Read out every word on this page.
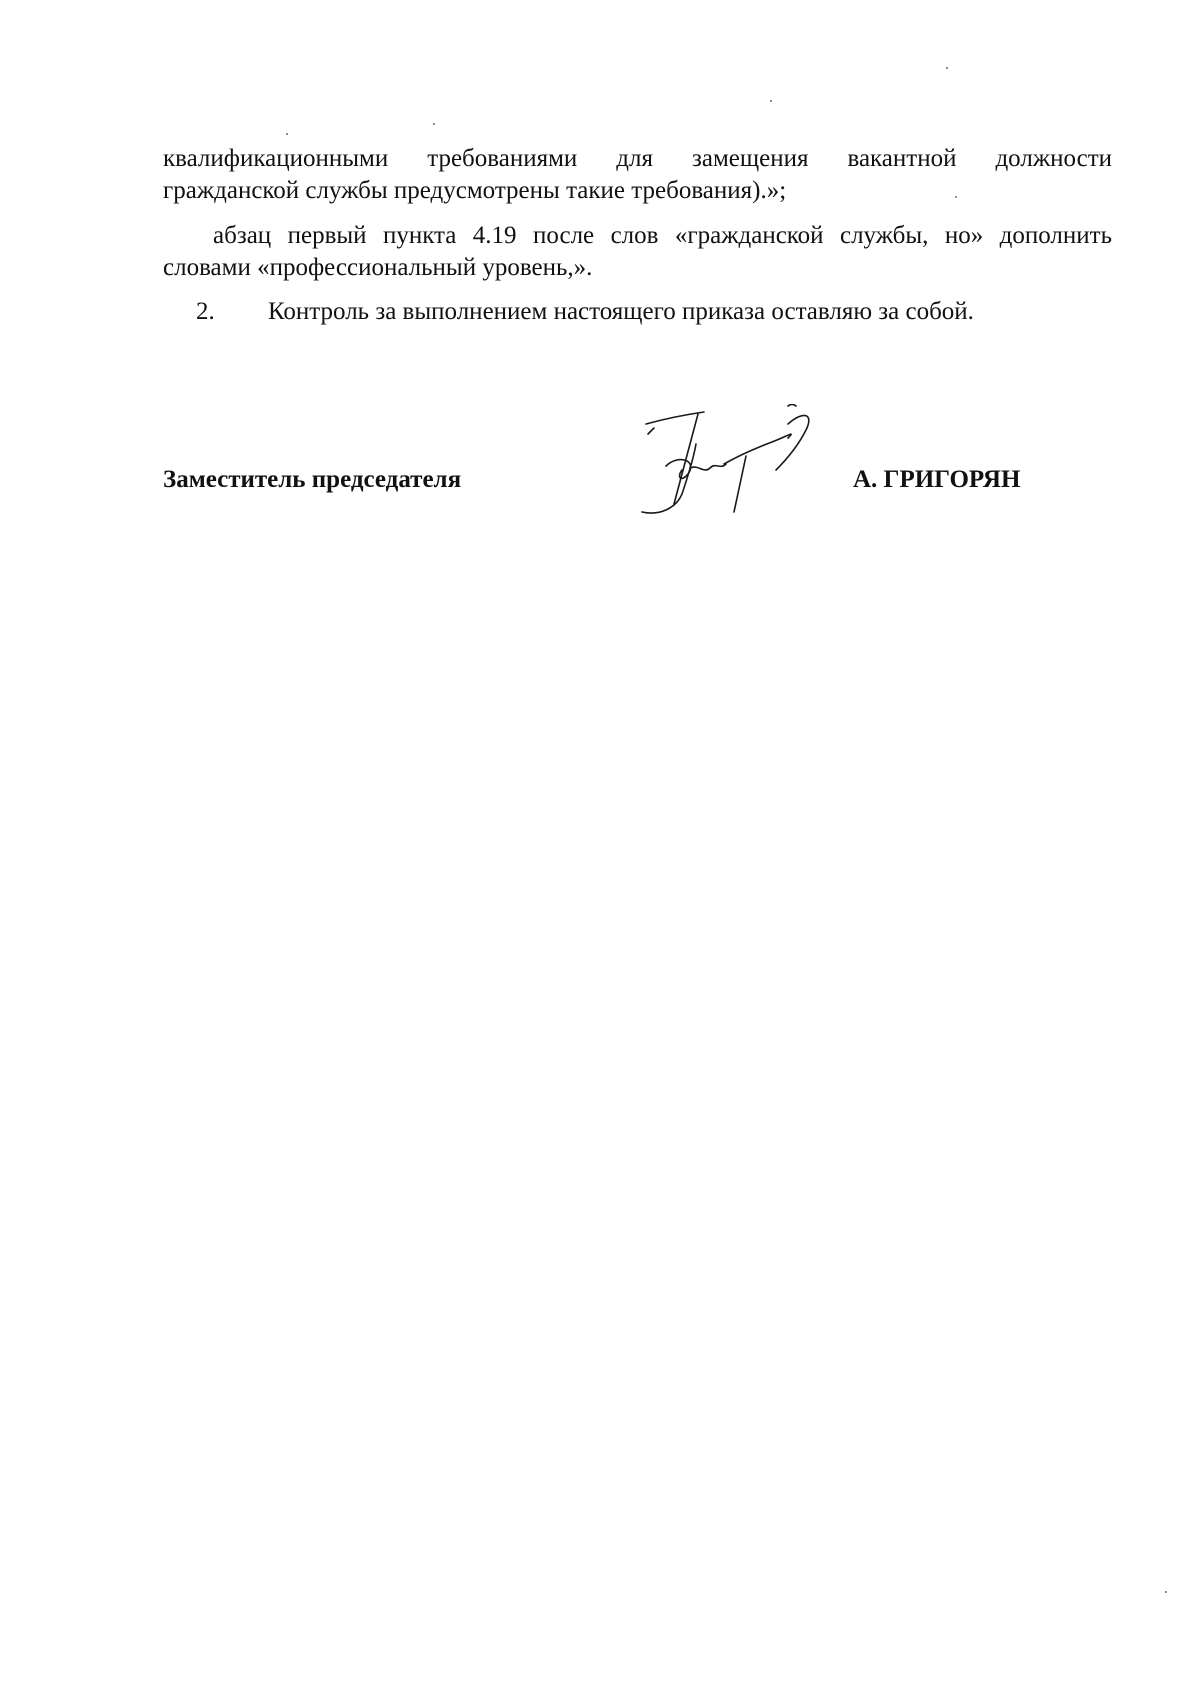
квалификационными требованиями для замещения вакантной должности
гражданской службы предусмотрены такие требования).»;
абзац первый пункта 4.19 после слов «гражданской службы, но» дополнить
словами «профессиональный уровень,».
2. Контроль за выполнением настоящего приказа оставляю за собой.
Заместитель председателя	А. ГРИГОРЯН
